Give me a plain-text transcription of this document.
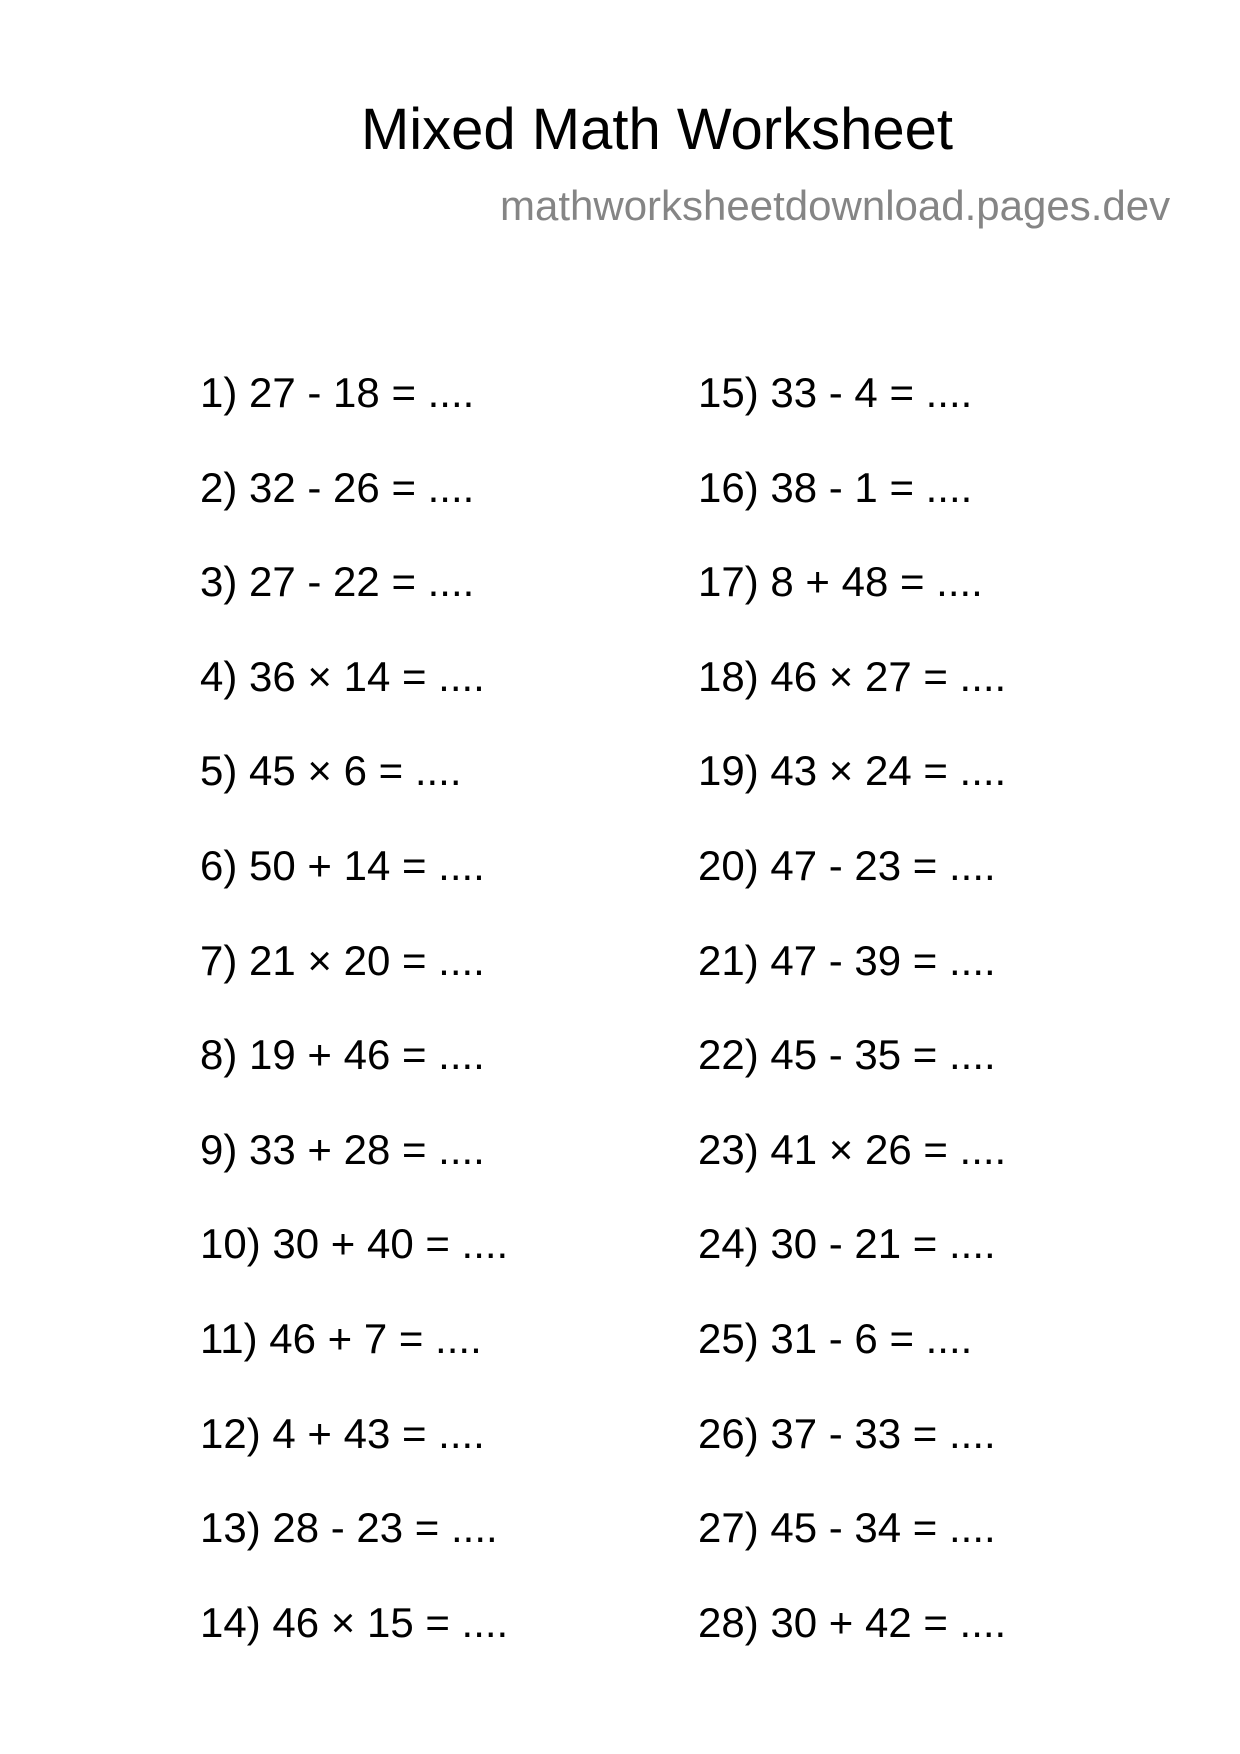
Mixed Math Worksheet
mathworksheetdownload.pages.dev
1) 27 - 18 = ....
2) 32 - 26 = ....
3) 27 - 22 = ....
4) 36 × 14 = ....
5) 45 × 6 = ....
6) 50 + 14 = ....
7) 21 × 20 = ....
8) 19 + 46 = ....
9) 33 + 28 = ....
10) 30 + 40 = ....
11) 46 + 7 = ....
12) 4 + 43 = ....
13) 28 - 23 = ....
14) 46 × 15 = ....
15) 33 - 4 = ....
16) 38 - 1 = ....
17) 8 + 48 = ....
18) 46 × 27 = ....
19) 43 × 24 = ....
20) 47 - 23 = ....
21) 47 - 39 = ....
22) 45 - 35 = ....
23) 41 × 26 = ....
24) 30 - 21 = ....
25) 31 - 6 = ....
26) 37 - 33 = ....
27) 45 - 34 = ....
28) 30 + 42 = ....
